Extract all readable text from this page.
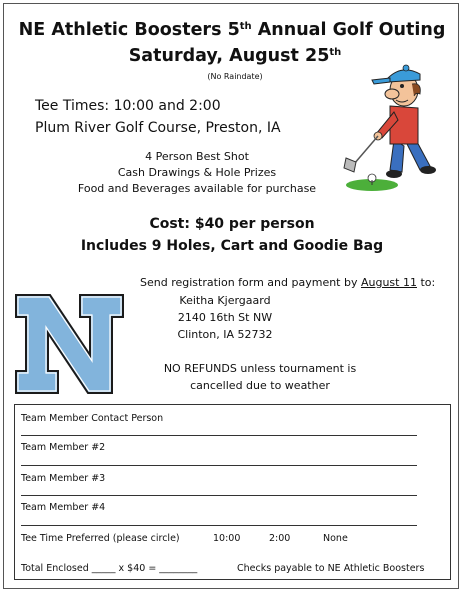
NE Athletic Boosters 5th Annual Golf Outing
Saturday, August 25th
(No Raindate)
Tee Times: 10:00 and 2:00
Plum River Golf Course, Preston, IA
4 Person Best Shot
Cash Drawings & Hole Prizes
Food and Beverages available for purchase
Cost: $40 per person
Includes 9 Holes, Cart and Goodie Bag
Send registration form and payment by August 11 to:
Keitha Kjergaard
2140 16th St NW
Clinton, IA 52732
NO REFUNDS unless tournament is
cancelled due to weather
Team Member Contact Person
Team Member #2
Team Member #3
Team Member #4
Tee Time Preferred (please circle)	10:00	2:00	None
Total Enclosed _____ x $40 = ________	Checks payable to NE Athletic Boosters
